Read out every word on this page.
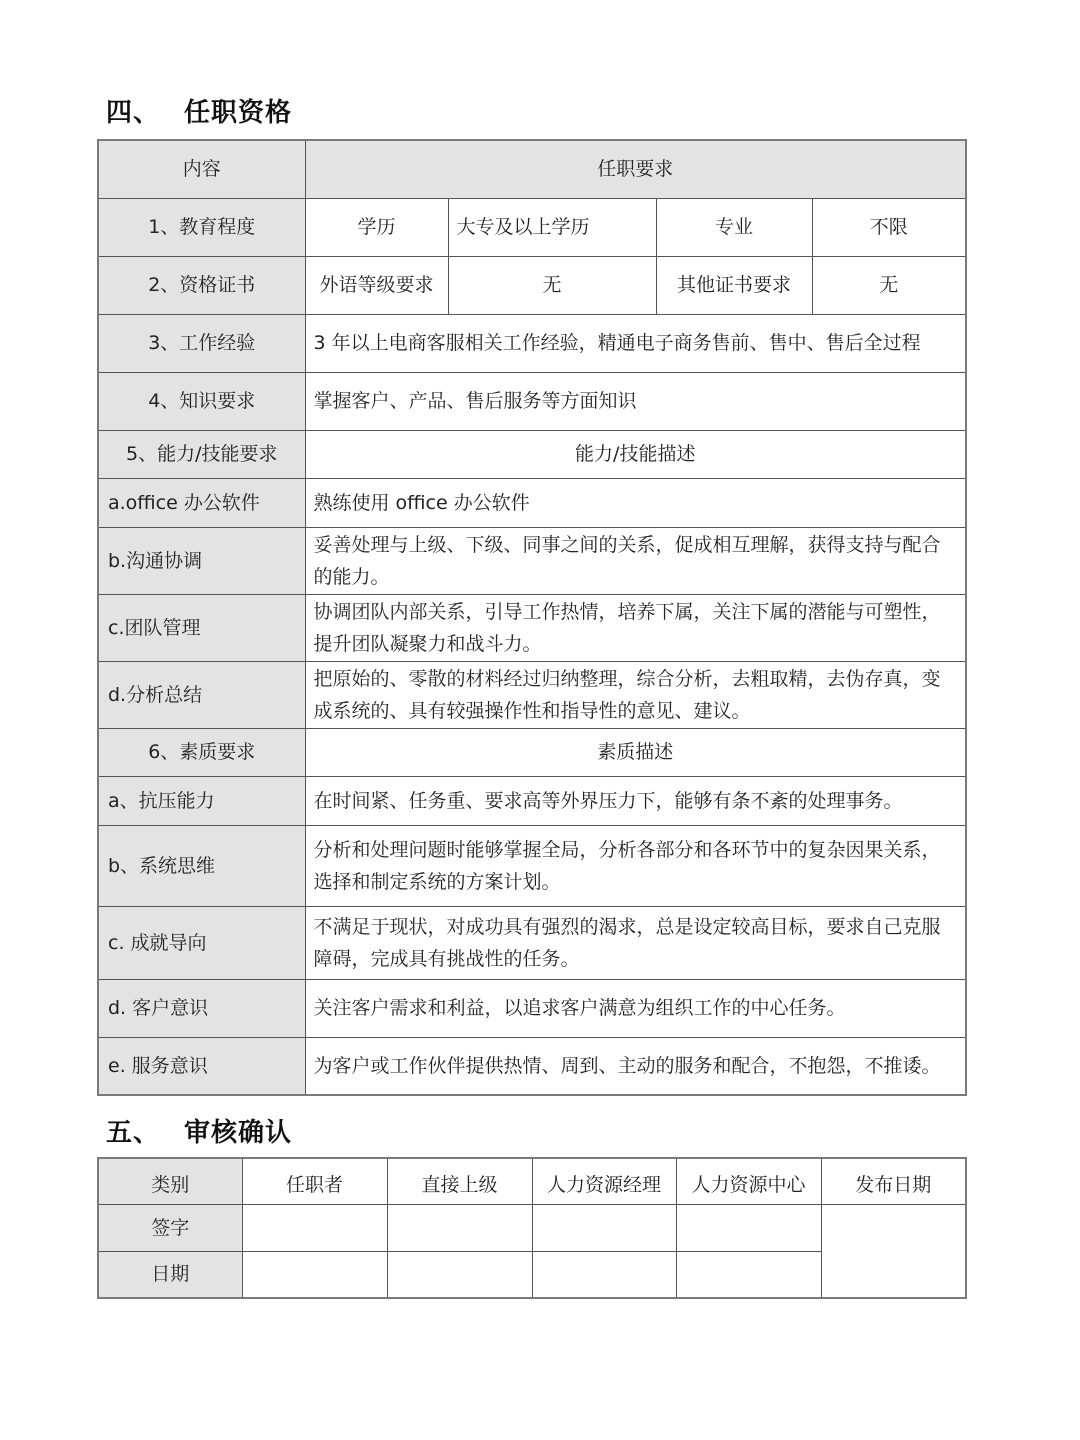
四、 任职资格
内容	任职要求			
1、教育程度	学历	大专及以上学历	专业	不限
2、资格证书	外语等级要求	无	其他证书要求	无
3、工作经验	3 年以上电商客服相关工作经验，精通电子商务售前、售中、售后全过程			
4、知识要求	掌握客户、产品、售后服务等方面知识			
5、能力/技能要求	能力/技能描述			
a.office 办公软件	熟练使用 office 办公软件			
b.沟通协调	妥善处理与上级、下级、同事之间的关系，促成相互理解，获得支持与配合的能力。			
c.团队管理	协调团队内部关系，引导工作热情，培养下属，关注下属的潜能与可塑性，提升团队凝聚力和战斗力。			
d.分析总结	把原始的、零散的材料经过归纳整理，综合分析，去粗取精，去伪存真，变成系统的、具有较强操作性和指导性的意见、建议。			
6、素质要求	素质描述			
a、抗压能力	在时间紧、任务重、要求高等外界压力下，能够有条不紊的处理事务。			
b、系统思维	分析和处理问题时能够掌握全局，分析各部分和各环节中的复杂因果关系，选择和制定系统的方案计划。			
c. 成就导向	不满足于现状，对成功具有强烈的渴求，总是设定较高目标，要求自己克服障碍，完成具有挑战性的任务。			
d. 客户意识	关注客户需求和利益，以追求客户满意为组织工作的中心任务。			
e. 服务意识	为客户或工作伙伴提供热情、周到、主动的服务和配合，不抱怨，不推诿。			
五、 审核确认
类别	任职者	直接上级	人力资源经理	人力资源中心	发布日期
签字					
日期					
